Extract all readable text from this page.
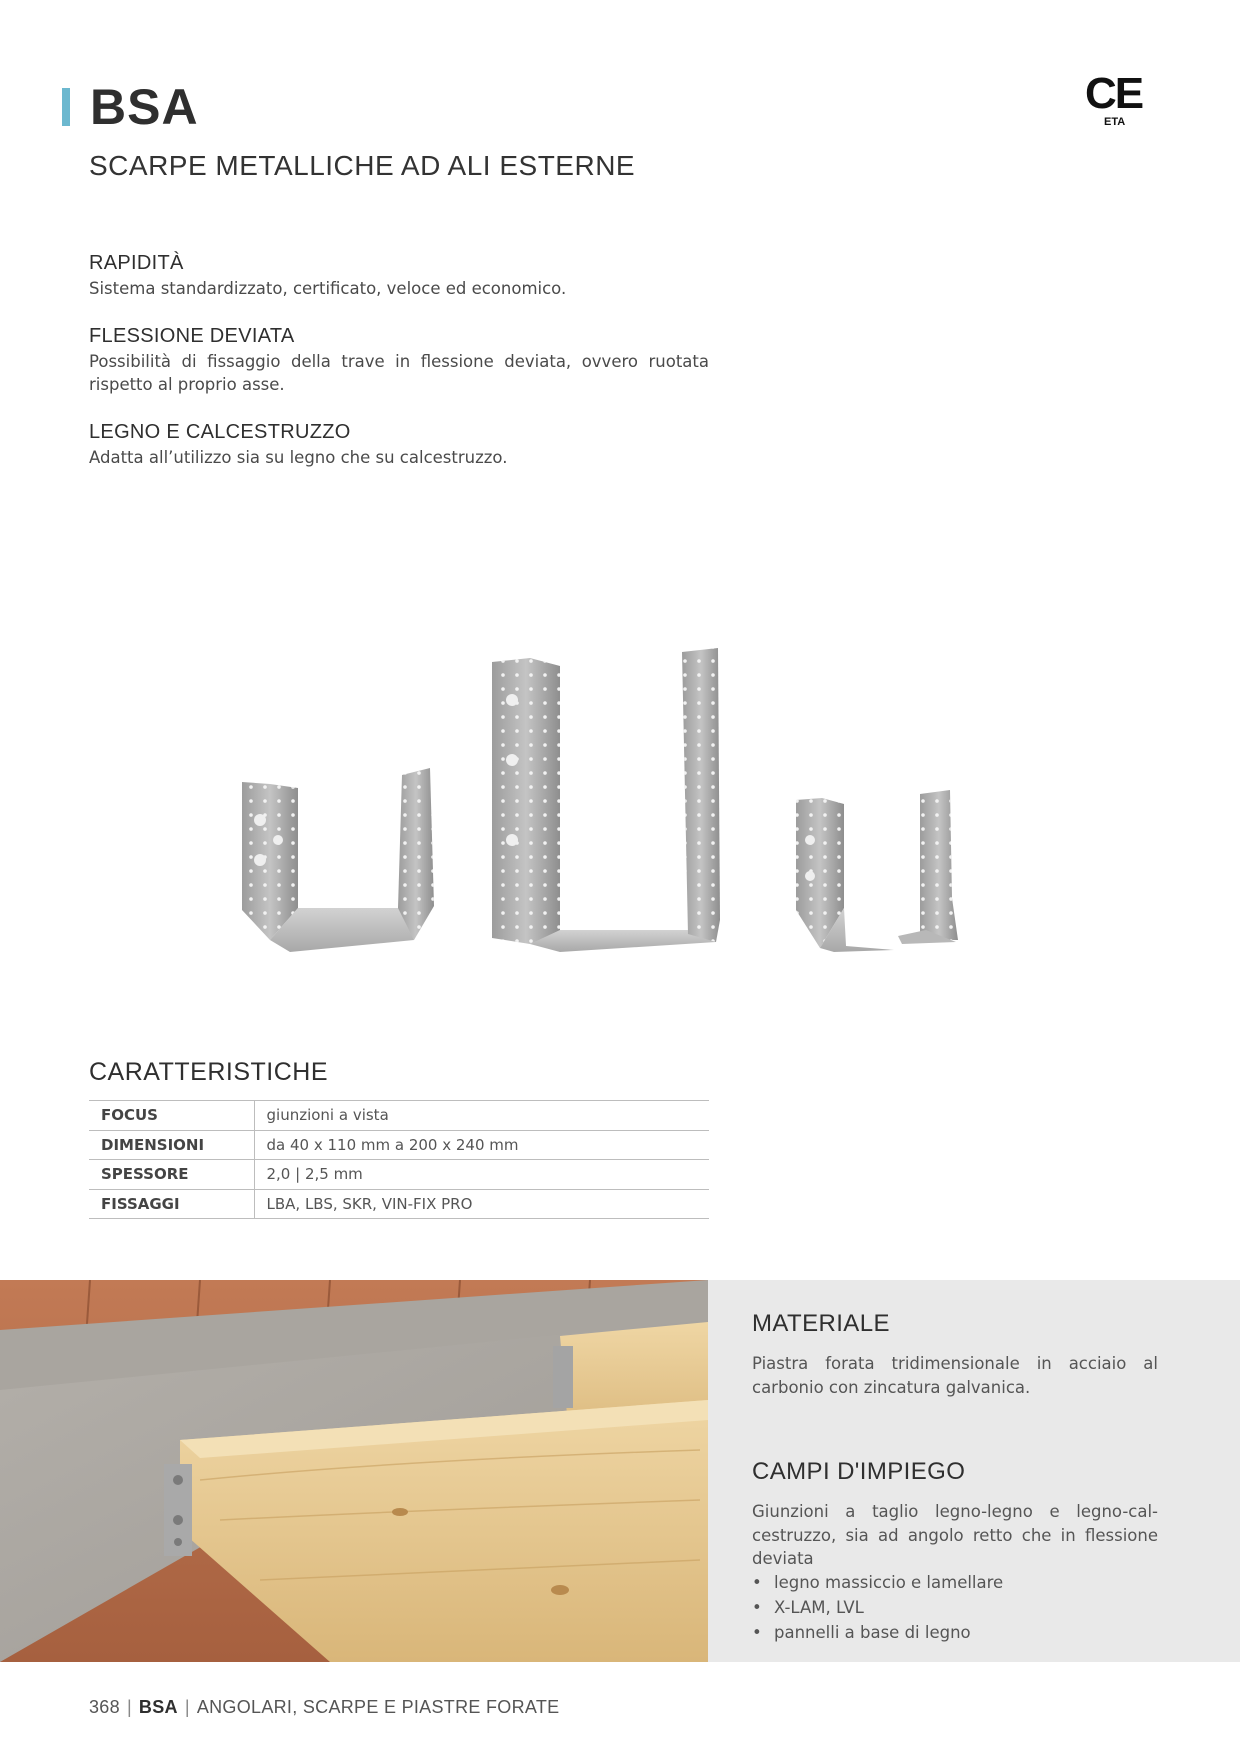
BSA
SCARPE METALLICHE AD ALI ESTERNE
CE
ETA
RAPIDITÀ

Sistema standardizzato, certificato, veloce ed economico.

FLESSIONE DEVIATA

Possibilità di fissaggio della trave in flessione deviata, ovvero ruotata rispetto al proprio asse.

LEGNO E CALCESTRUZZO

Adatta all’utilizzo sia su legno che su calcestruzzo.

CARATTERISTICHE
FOCUS	giunzioni a vista
DIMENSIONI	da 40 x 110 mm a 200 x 240 mm
SPESSORE	2,0 | 2,5 mm
FISSAGGI	LBA, LBS, SKR, VIN-FIX PRO
MATERIALE
Piastra forata tridimensionale in acciaio al carbonio con zincatura galvanica.
CAMPI D'IMPIEGO
Giunzioni a taglio legno-legno e legno-cal-cestruzzo, sia ad angolo retto che in flessione deviata
• legno massiccio e lamellare
• X-LAM, LVL
• pannelli a base di legno
368 | BSA | ANGOLARI, SCARPE E PIASTRE FORATE
